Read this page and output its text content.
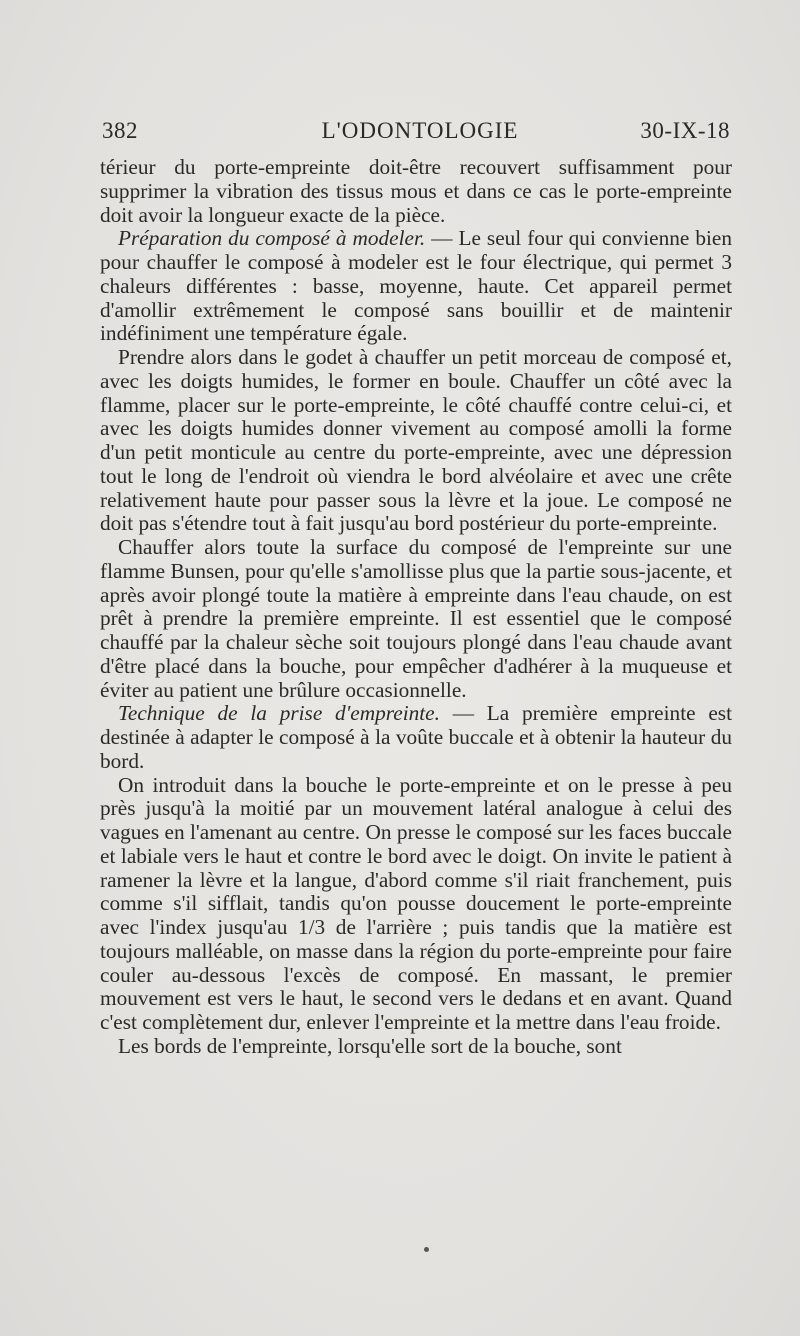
382	L'ODONTOLOGIE	30-IX-18

térieur du porte-empreinte doit-être recouvert suffisamment pour supprimer la vibration des tissus mous et dans ce cas le porte-empreinte doit avoir la longueur exacte de la pièce.

Préparation du composé à modeler. — Le seul four qui convienne bien pour chauffer le composé à modeler est le four électrique, qui permet 3 chaleurs différentes : basse, moyenne, haute. Cet appareil permet d'amollir extrêmement le composé sans bouillir et de maintenir indéfiniment une température égale.

Prendre alors dans le godet à chauffer un petit morceau de composé et, avec les doigts humides, le former en boule. Chauffer un côté avec la flamme, placer sur le porte-empreinte, le côté chauffé contre celui-ci, et avec les doigts humides donner vivement au composé amolli la forme d'un petit monticule au centre du porte-empreinte, avec une dépression tout le long de l'endroit où viendra le bord alvéolaire et avec une crête relativement haute pour passer sous la lèvre et la joue. Le composé ne doit pas s'étendre tout à fait jusqu'au bord postérieur du porte-empreinte.

Chauffer alors toute la surface du composé de l'empreinte sur une flamme Bunsen, pour qu'elle s'amollisse plus que la partie sous-jacente, et après avoir plongé toute la matière à empreinte dans l'eau chaude, on est prêt à prendre la première empreinte. Il est essentiel que le composé chauffé par la chaleur sèche soit toujours plongé dans l'eau chaude avant d'être placé dans la bouche, pour empêcher d'adhérer à la muqueuse et éviter au patient une brûlure occasionnelle.

Technique de la prise d'empreinte. — La première empreinte est destinée à adapter le composé à la voûte buccale et à obtenir la hauteur du bord.

On introduit dans la bouche le porte-empreinte et on le presse à peu près jusqu'à la moitié par un mouvement latéral analogue à celui des vagues en l'amenant au centre. On presse le composé sur les faces buccale et labiale vers le haut et contre le bord avec le doigt. On invite le patient à ramener la lèvre et la langue, d'abord comme s'il riait franchement, puis comme s'il sifflait, tandis qu'on pousse doucement le porte-empreinte avec l'index jusqu'au 1/3 de l'arrière ; puis tandis que la matière est toujours malléable, on masse dans la région du porte-empreinte pour faire couler au-dessous l'excès de composé. En massant, le premier mouvement est vers le haut, le second vers le dedans et en avant. Quand c'est complètement dur, enlever l'empreinte et la mettre dans l'eau froide.

Les bords de l'empreinte, lorsqu'elle sort de la bouche, sont
